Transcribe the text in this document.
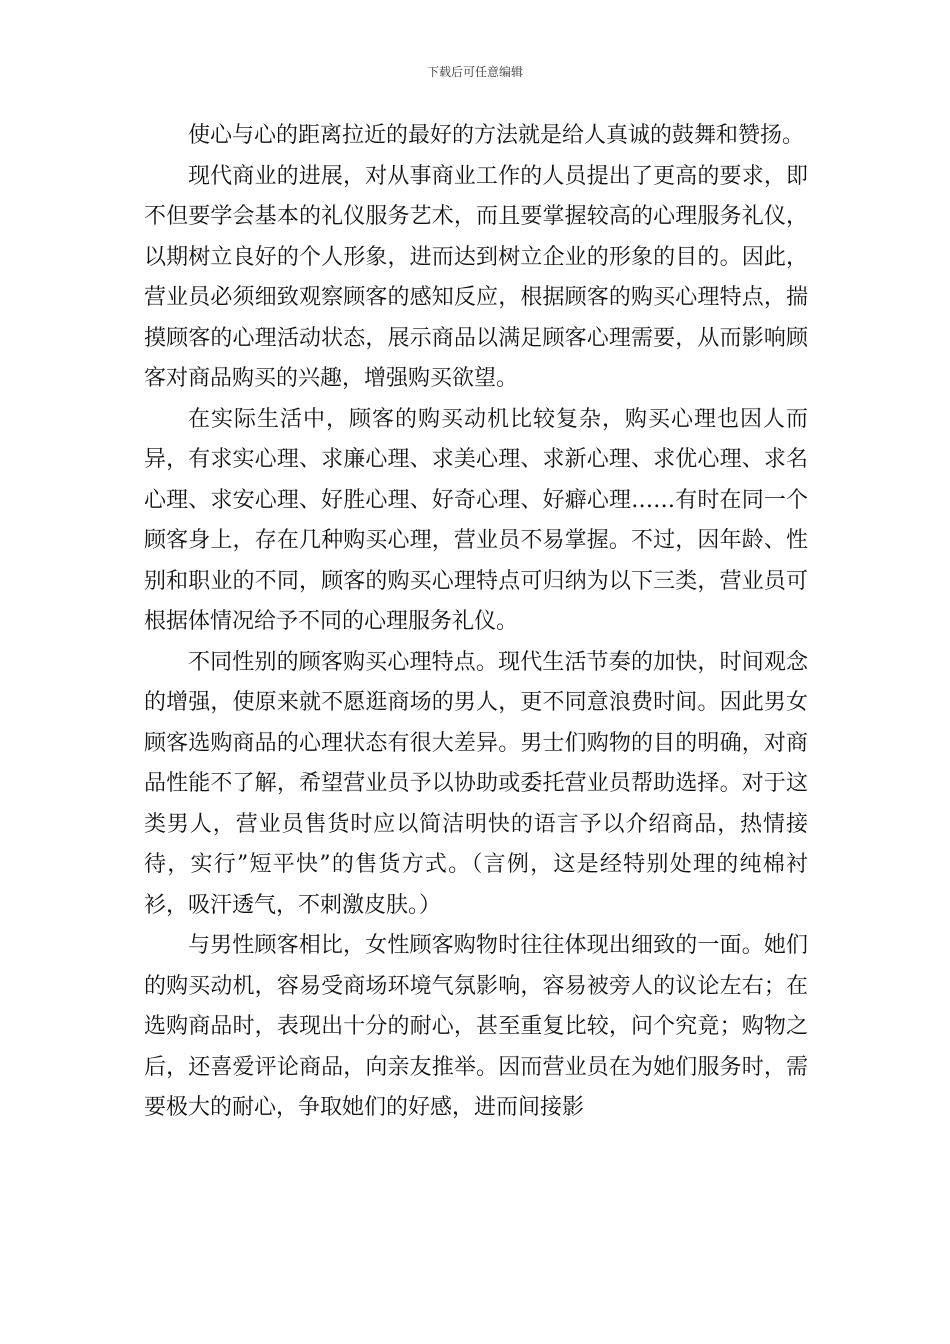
下载后可任意编辑

使心与心的距离拉近的最好的方法就是给人真诚的鼓舞和赞扬。

现代商业的进展，对从事商业工作的人员提出了更高的要求，即不但要学会基本的礼仪服务艺术，而且要掌握较高的心理服务礼仪，以期树立良好的个人形象，进而达到树立企业的形象的目的。因此，营业员必须细致观察顾客的感知反应，根据顾客的购买心理特点，揣摸顾客的心理活动状态，展示商品以满足顾客心理需要，从而影响顾客对商品购买的兴趣，增强购买欲望。

在实际生活中，顾客的购买动机比较复杂，购买心理也因人而异，有求实心理、求廉心理、求美心理、求新心理、求优心理、求名心理、求安心理、好胜心理、好奇心理、好癖心理……有时在同一个顾客身上，存在几种购买心理，营业员不易掌握。不过，因年龄、性别和职业的不同，顾客的购买心理特点可归纳为以下三类，营业员可根据体情况给予不同的心理服务礼仪。

不同性别的顾客购买心理特点。现代生活节奏的加快，时间观念的增强，使原来就不愿逛商场的男人，更不同意浪费时间。因此男女顾客选购商品的心理状态有很大差异。男士们购物的目的明确，对商品性能不了解，希望营业员予以协助或委托营业员帮助选择。对于这类男人，营业员售货时应以简洁明快的语言予以介绍商品，热情接待，实行”短平快”的售货方式。（言例，这是经特别处理的纯棉衬衫，吸汗透气，不刺激皮肤。）

与男性顾客相比，女性顾客购物时往往体现出细致的一面。她们的购买动机，容易受商场环境气氛影响，容易被旁人的议论左右；在选购商品时，表现出十分的耐心，甚至重复比较，问个究竟；购物之后，还喜爱评论商品，向亲友推举。因而营业员在为她们服务时，需要极大的耐心，争取她们的好感，进而间接影
